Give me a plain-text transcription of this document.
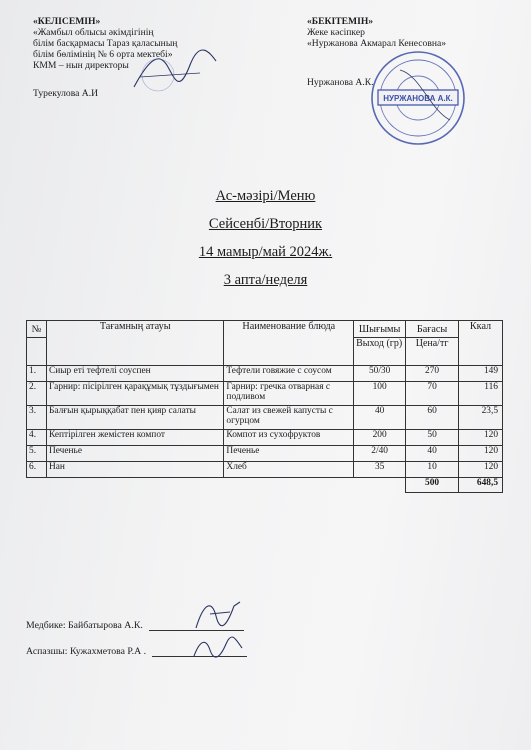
«КЕЛІСЕМІН»
«Жамбыл облысы әкімдігінің
білім басқармасы Тараз қаласының
білім бөлімінің № 6 орта мектебі»
КММ – нын директоры
Турекулова А.И
«БЕКІТЕМІН»
Жеке кәсіпкер
«Нуржанова Акмарал Кенесовна»
Нуржанова А.К.
НУРЖАНОВА А.К.
Ас-мәзірі/Меню
Сейсенбі/Вторник
14 мамыр/май 2024ж.
3 апта/неделя
№	Тағамның атауы	Наименование блюда	Шығымы	Бағасы	Ккал
			Выход (гр)	Цена/тг	
1.	Сиыр еті тефтелі соуспен	Тефтели говяжие с соусом	50/30	270	149
2.	Гарнир: пісірілген қарақұмық тұздығымен	Гарнир: гречка отварная с подливом	100	70	116
3.	Балғын қырыққабат пен қияр салаты	Салат из свежей капусты с огурцом	40	60	23,5
4.	Кептірілген жемістен компот	Компот из сухофруктов	200	50	120
5.	Печенье	Печенье	2/40	40	120
6.	Нан	Хлеб	35	10	120
				500	648,5
Медбике: Байбатырова А.К.
Аспазшы: Кужахметова Р.А .
